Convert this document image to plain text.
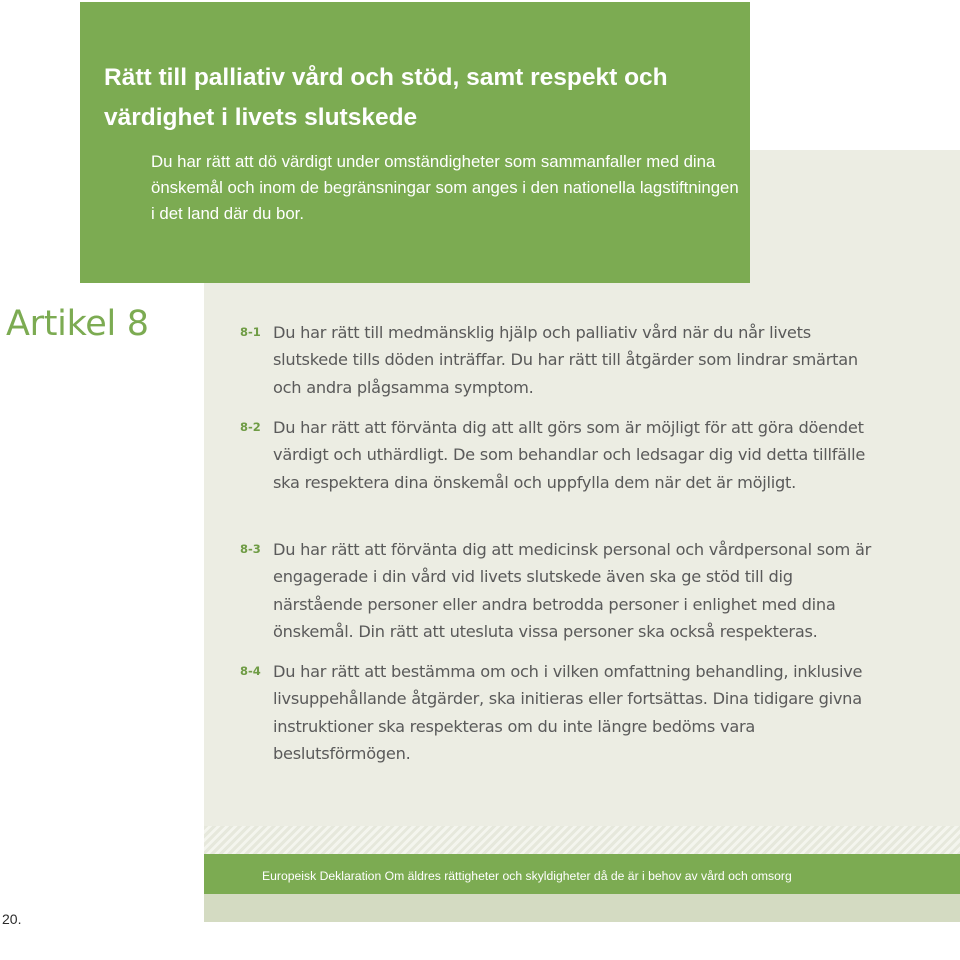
Rätt till palliativ vård och stöd, samt respekt och värdighet i livets slutskede

Du har rätt att dö värdigt under omständigheter som sammanfaller med dina önskemål och inom de begränsningar som anges i den nationella lagstiftningen i det land där du bor.

Artikel 8	8-1 Du har rätt till medmänsklig hjälp och palliativ vård när du når livets slutskede tills döden inträffar. Du har rätt till åtgärder som lindrar smärtan och andra plågsamma symptom.

8-2 Du har rätt att förvänta dig att allt görs som är möjligt för att göra döendet värdigt och uthärdligt. De som behandlar och ledsagar dig vid detta tillfälle ska respektera dina önskemål och uppfylla dem när det är möjligt.

8-3 Du har rätt att förvänta dig att medicinsk personal och vårdpersonal som är engagerade i din vård vid livets slutskede även ska ge stöd till dig närstående personer eller andra betrodda personer i enlighet med dina önskemål. Din rätt att utesluta vissa personer ska också respekteras.

8-4 Du har rätt att bestämma om och i vilken omfattning behandling, inklusive livsuppehållande åtgärder, ska initieras eller fortsättas. Dina tidigare givna instruktioner ska respekteras om du inte längre bedöms vara beslutsförmögen.

Europeisk Deklaration Om äldres rättigheter och skyldigheter då de är i behov av vård och omsorg
20.
